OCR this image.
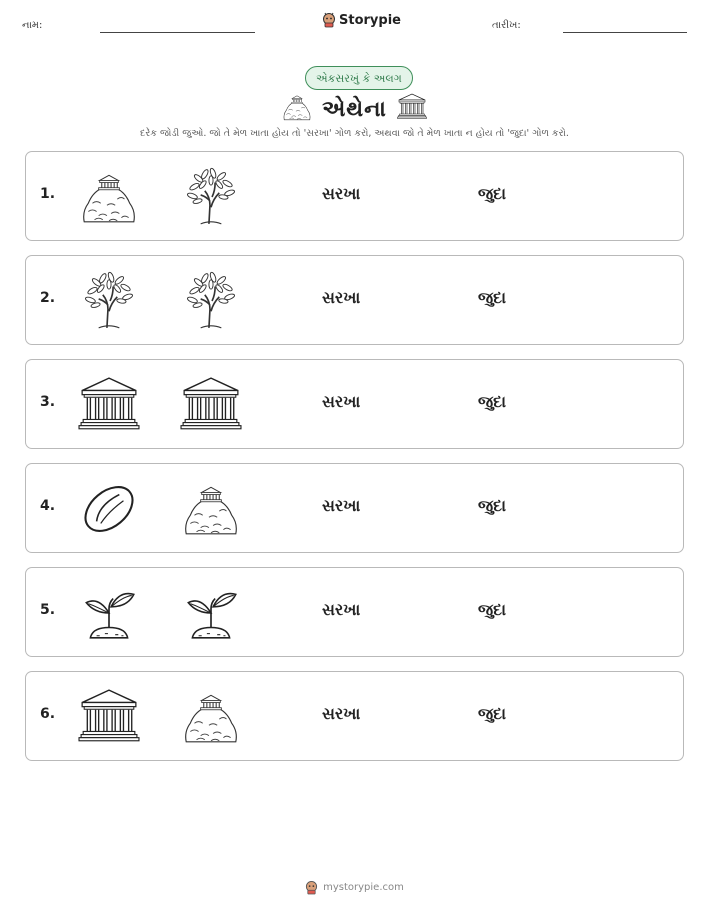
નામ:	Storypie	તારીખ:
એકસરખું કે અલગ
એથેના
દરેક જોડી જુઓ. જો તે મેળ ખાતા હોય તો 'સરખા' ગોળ કરો, અથવા જો તે મેળ ખાતા ન હોય તો 'જુદા' ગોળ કરો.
1.	સરખા	જુદા
2.	સરખા	જુદા
3.	સરખા	જુદા
4.	સરખા	જુદા
5.	સરખા	જુદા
6.	સરખા	જુદા
mystorypie.com
